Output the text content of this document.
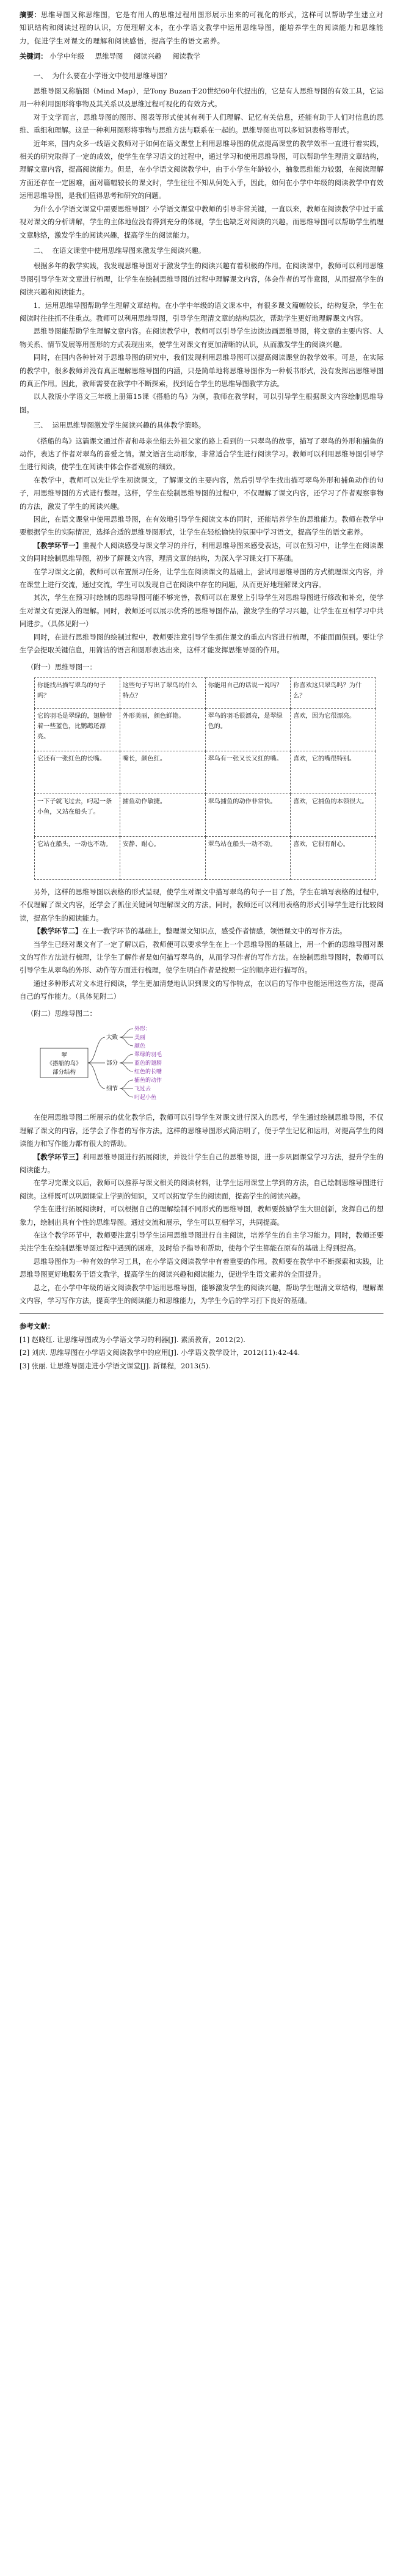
摘要：思维导图又称思维图，它是有用人的思维过程用图形展示出来的可视化的形式，这样可以帮助学生建立对知识结构和阅读过程的认识，方便理解文本，在小学语文教学中运用思维导图，能培养学生的阅读能力和思维能力，促进学生对课文的理解和阅读感悟，提高学生的语文素养。
关键词： 小学中年级 思维导图 阅读兴趣 阅读教学
一、 为什么要在小学语文中使用思维导图？
思维导图又称脑图（Mind Map），是Tony Buzan于20世纪60年代提出的，它是有人思维导图的有效工具，它运用一种利用图形将事物及其关系以及思维过程可视化的有效方式。
对于文学而言，思维导图的图形、图表等形式使其有利于人们理解、记忆有关信息，还能有助于人们对信息的思维、重组和理解。这是一种利用图形将事物与思维方法与联系在一起的。思维导图也可以多知识表格等形式。
近年来，国内众多一线语文教师对于如何在语文课堂上利用思维导图的优点提高课堂的教学效率一直进行着实践，相关的研究取得了一定的成效，使学生在学习语文的过程中，通过学习和使用思维导图，可以帮助学生理清文章结构，理解文章内容，提高阅读能力。但是，在小学语文阅读教学中，由于小学生年龄较小，抽象思维能力较弱，在阅读理解方面还存在一定困难，面对篇幅较长的课文时，学生往往不知从何处入手，因此，如何在小学中年级的阅读教学中有效运用思维导图，是我们值得思考和研究的问题。
为什么小学语文课堂中需要思维导图？小学语文课堂中教师的引导非常关键，一直以来，教师在阅读教学中过于重视对课文的分析讲解，学生的主体地位没有得到充分的体现，学生也缺乏对阅读的兴趣。而思维导图可以帮助学生梳理文章脉络，激发学生的阅读兴趣，提高学生的阅读能力。
二、 在语文课堂中使用思维导图来激发学生阅读兴趣。
根据多年的教学实践，我发现思维导图对于激发学生的阅读兴趣有着积极的作用。在阅读课中，教师可以利用思维导图引导学生对文章进行梳理，让学生在绘制思维导图的过程中理解课文内容，体会作者的写作意图，从而提高学生的阅读兴趣和阅读能力。
1．运用思维导图帮助学生理解文章结构。在小学中年级的语文课本中，有很多课文篇幅较长，结构复杂，学生在阅读时往往抓不住重点。教师可以利用思维导图，引导学生理清文章的结构层次，帮助学生更好地理解课文内容。
思维导图能帮助学生理解文章内容。在阅读教学中，教师可以引导学生边读边画思维导图，将文章的主要内容、人物关系、情节发展等用图形的方式表现出来，使学生对课文有更加清晰的认识，从而激发学生的阅读兴趣。
同时，在国内各种针对于思维导图的研究中，我们发现利用思维导图可以提高阅读课堂的教学效率。可是，在实际的教学中，很多教师并没有真正理解思维导图的内涵，只是简单地将思维导图作为一种板书形式，没有发挥出思维导图的真正作用。因此，教师需要在教学中不断探索，找到适合学生的思维导图教学方法。
以人教版小学语文三年级上册第15课《搭船的鸟》为例，教师在教学时，可以引导学生根据课文内容绘制思维导图。
三、 运用思维导图激发学生阅读兴趣的具体教学策略。
《搭船的鸟》这篇课文通过作者和母亲坐船去外祖父家的路上看到的一只翠鸟的故事，描写了翠鸟的外形和捕鱼的动作，表达了作者对翠鸟的喜爱之情。课文语言生动形象，非常适合学生进行阅读学习。教师可以利用思维导图引导学生进行阅读，使学生在阅读中体会作者观察的细致。
在教学中，教师可以先让学生初读课文，了解课文的主要内容，然后引导学生找出描写翠鸟外形和捕鱼动作的句子，用思维导图的方式进行整理。这样，学生在绘制思维导图的过程中，不仅理解了课文内容，还学习了作者观察事物的方法，激发了学生的阅读兴趣。
因此，在语文课堂中使用思维导图，在有效地引导学生阅读文本的同时，还能培养学生的思维能力。教师在教学中要根据学生的实际情况，选择合适的思维导图形式，让学生在轻松愉快的氛围中学习语文，提高学生的语文素养。
【教学环节一】重视个人阅读感受与课文学习的并行，利用思维导图来感受表达，可以在预习中，让学生在阅读课文的同时绘制思维导图，初步了解课文内容，理清文章的结构，为深入学习课文打下基础。
在学习课文之前，教师可以布置预习任务，让学生在阅读课文的基础上，尝试用思维导图的方式梳理课文内容，并在课堂上进行交流，通过交流，学生可以发现自己在阅读中存在的问题，从而更好地理解课文内容。
其次，学生在预习时绘制的思维导图可能不够完善，教师可以在课堂上引导学生对思维导图进行修改和补充，使学生对课文有更深入的理解。同时，教师还可以展示优秀的思维导图作品，激发学生的学习兴趣，让学生在互相学习中共同进步。（具体见附一）
同时，在进行思维导图的绘制过程中，教师要注意引导学生抓住课文的重点内容进行梳理，不能面面俱到。要让学生学会提取关键信息，用简洁的语言和图形表达出来，这样才能发挥思维导图的作用。
（附一）思维导图一：
你能找出描写翠鸟的句子吗？	这些句子写出了翠鸟的什么特点？	你能用自己的话说一说吗？	你喜欢这只翠鸟吗？为什么？
它的羽毛是翠绿的，翅膀带着一些蓝色，比鹦鹉还漂亮。	外形美丽，颜色鲜艳。	翠鸟的羽毛很漂亮，是翠绿色的。	喜欢，因为它很漂亮。
它还有一张红色的长嘴。	嘴长，颜色红。	翠鸟有一张又长又红的嘴。	喜欢，它的嘴很特别。
一下子就飞过去，叼起一条小鱼，又站在船头了。	捕鱼动作敏捷。	翠鸟捕鱼的动作非常快。	喜欢，它捕鱼的本领很大。
它站在船头，一动也不动。	安静、耐心。	翠鸟站在船头一动不动。	喜欢，它很有耐心。
另外，这样的思维导图以表格的形式呈现，使学生对课文中描写翠鸟的句子一目了然，学生在填写表格的过程中，不仅理解了课文内容，还学会了抓住关键词句理解课文的方法。同时，教师还可以利用表格的形式引导学生进行比较阅读，提高学生的阅读能力。
【教学环节二】在上一教学环节的基础上，整理课文知识点，感受作者情感，领悟课文中的写作方法。
当学生已经对课文有了一定了解以后，教师便可以要求学生在上一个思维导图的基础上，用一个新的思维导图对课文的写作方法进行梳理，让学生了解作者是如何描写翠鸟的，从而学习作者的写作方法。在绘制思维导图时，教师可以引导学生从翠鸟的外形、动作等方面进行梳理，使学生明白作者是按照一定的顺序进行描写的。
通过多种形式对文本进行阅读，学生更加清楚地认识到课文的写作特点，在以后的写作中也能运用这些方法，提高自己的写作能力。（具体见附二）
（附二）思维导图二：
翠
《搭船的鸟》
部分结构
大致
部分
细节
外形：
美丽
颜色
翠绿的羽毛
蓝色的翅膀
红色的长嘴
捕鱼的动作
飞过去
叼起小鱼
在使用思维导图二所展示的优化教学后，教师可以引导学生对课文进行深入的思考，学生通过绘制思维导图，不仅理解了课文的内容，还学会了作者的写作方法。这样的思维导图形式简洁明了，便于学生记忆和运用，对提高学生的阅读能力和写作能力都有很大的帮助。
【教学环节三】利用思维导图进行拓展阅读，并设计学生自己的思维导图，进一步巩固课堂学习方法，提升学生的阅读能力。
在学习完课文以后，教师可以推荐与课文相关的阅读材料，让学生运用课堂上学到的方法，自己绘制思维导图进行阅读。这样既可以巩固课堂上学到的知识，又可以拓宽学生的阅读面，提高学生的阅读兴趣。
学生在进行拓展阅读时，可以根据自己的理解绘制不同形式的思维导图，教师要鼓励学生大胆创新，发挥自己的想象力，绘制出具有个性的思维导图。通过交流和展示，学生可以互相学习，共同提高。
在这个教学环节中，教师要注意引导学生运用思维导图进行自主阅读，培养学生的自主学习能力。同时，教师还要关注学生在绘制思维导图过程中遇到的困难，及时给予指导和帮助，使每个学生都能在原有的基础上得到提高。
思维导图作为一种有效的学习工具，在小学语文阅读教学中有着重要的作用。教师要在教学中不断探索和实践，让思维导图更好地服务于语文教学，提高学生的阅读兴趣和阅读能力，促进学生语文素养的全面提升。
总之，在小学中年级的语文阅读教学中运用思维导图，能够激发学生的阅读兴趣，帮助学生理清文章结构，理解课文内容，学习写作方法，提高学生的阅读能力和思维能力，为学生今后的学习打下良好的基础。
参考文献：
[1] 赵晓红. 让思维导图成为小学语文学习的利器[J]. 素质教育，2012(2).
[2] 刘庆. 思维导图在小学语文阅读教学中的应用[J]. 小学语文教学设计，2012(11):42-44.
[3] 张丽. 让思维导图走进小学语文课堂[J]. 新课程，2013(5).
